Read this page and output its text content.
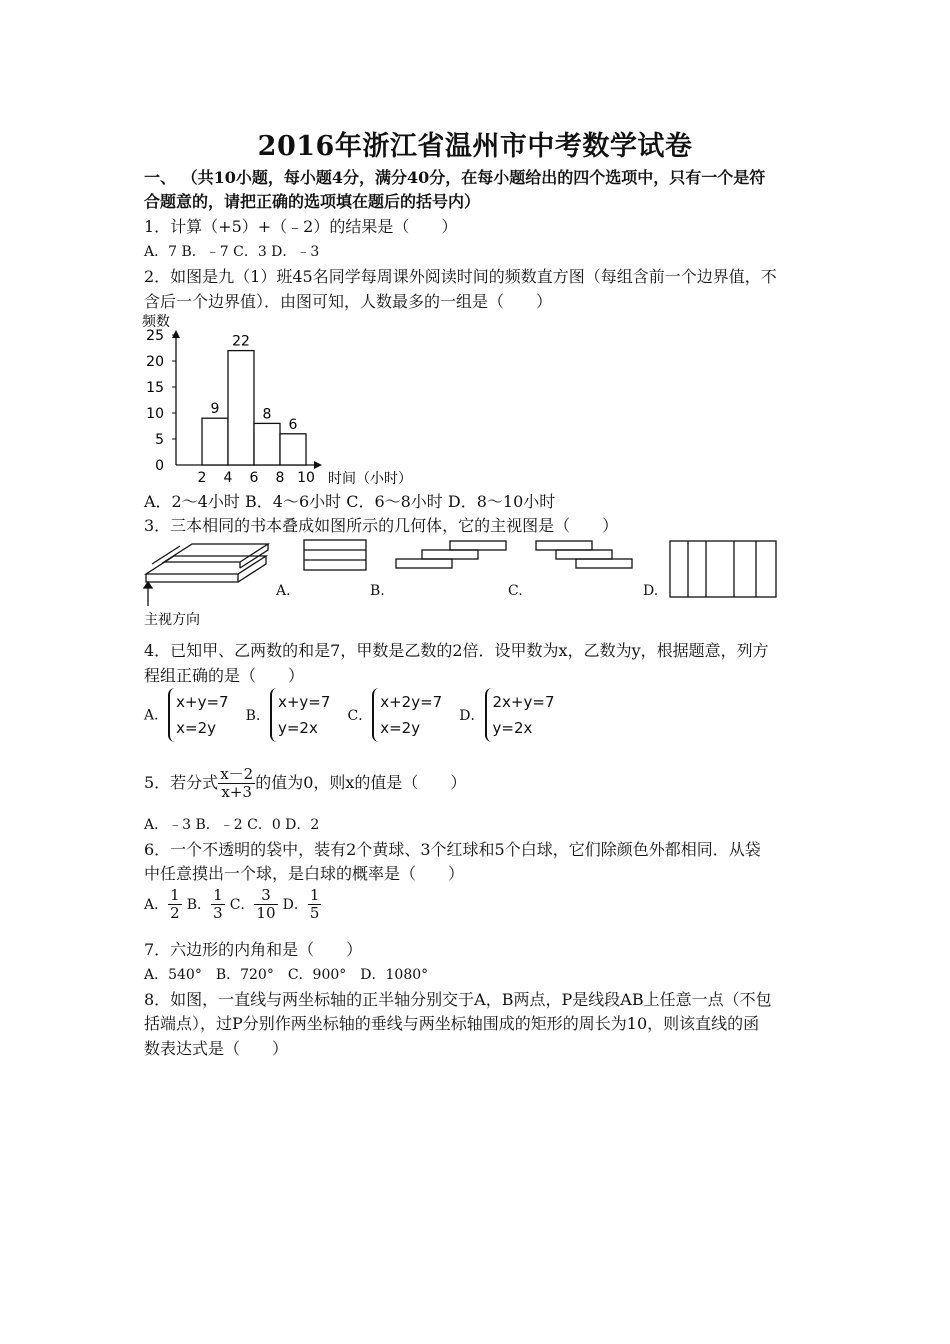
2016年浙江省温州市中考数学试卷
一、 （共10小题，每小题4分，满分40分，在每小题给出的四个选项中，只有一个是符
合题意的，请把正确的选项填在题后的括号内）
1．计算（+5）+（﹣2）的结果是（　　）
A．7 B．﹣7 C．3 D．﹣3
2．如图是九（1）班45名同学每周课外阅读时间的频数直方图（每组含前一个边界值，不
含后一个边界值）．由图可知，人数最多的一组是（　　）
频数
0
5
10
15
20
25
9
22
8
6
2 4 6 8 10 时间（小时）
A．2～4小时 B．4～6小时 C．6～8小时 D．8～10小时
3．三本相同的书本叠成如图所示的几何体，它的主视图是（　　）
主视方向
A.	B.	C.	D.
4．已知甲、乙两数的和是7，甲数是乙数的2倍．设甲数为x，乙数为y，根据题意，列方
程组正确的是（　　）
A．
x+y=7
x=2y
B．
x+y=7
y=2x
C．
x+2y=7
x=2y
D．
2x+y=7
y=2x
5．若分式 $\frac{x-2}{x+3}$ 的值为0，则x的值是（　　）
A．﹣3 B．﹣2 C．0 D．2
6．一个不透明的袋中，装有2个黄球、3个红球和5个白球，它们除颜色外都相同．从袋
中任意摸出一个球，是白球的概率是（　　）
A． $\frac{1}{2}$ B． $\frac{1}{3}$ C． $\frac{3}{10}$ D． $\frac{1}{5}$
7．六边形的内角和是（　　）
A．540°　B．720°　C．900°　D．1080°
8．如图，一直线与两坐标轴的正半轴分别交于A，B两点，P是线段AB上任意一点（不包
括端点），过P分别作两坐标轴的垂线与两坐标轴围成的矩形的周长为10，则该直线的函
数表达式是（　　）
